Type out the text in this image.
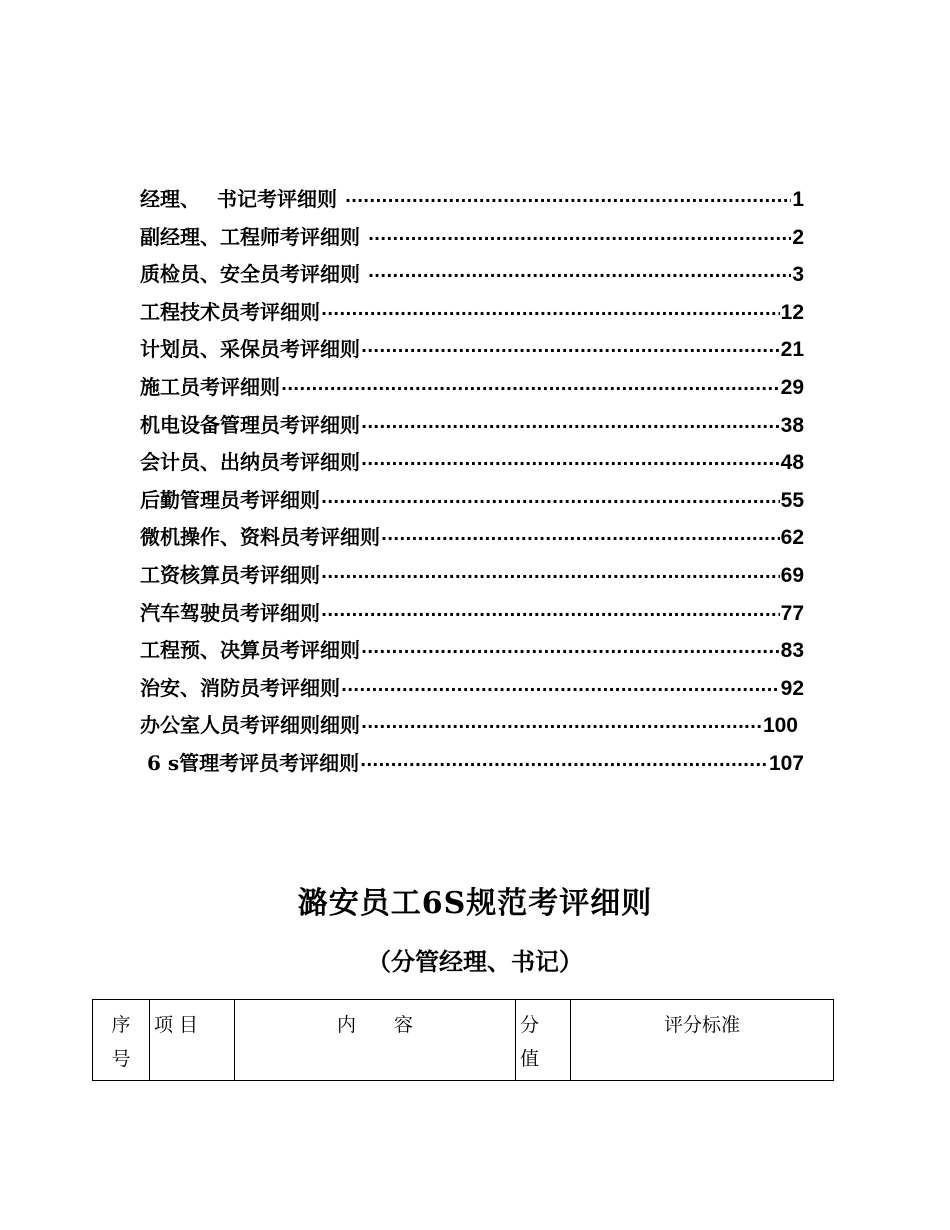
经理、　 书记考评细则 ·····	1
副经理、工程师考评细则 ·····	2
质检员、安全员考评细则 ·····	3
工程技术员考评细则 ·····	12
计划员、采保员考评细则 ·····	21
施工员考评细则 ·····	29
机电设备管理员考评细则 ·····	38
会计员、出纳员考评细则 ·····	48
后勤管理员考评细则 ·····	55
微机操作、资料员考评细则 ·····	62
工资核算员考评细则 ·····	69
汽车驾驶员考评细则 ·····	77
工程预、决算员考评细则 ·····	83
治安、消防员考评细则 ·····	92
办公室人员考评细则细则 ·····	100
6 s管理考评员考评细则 ·····	107
潞安员工6S规范考评细则
（分管经理、书记）
序号	项 目	内　　容	分值	评分标准
